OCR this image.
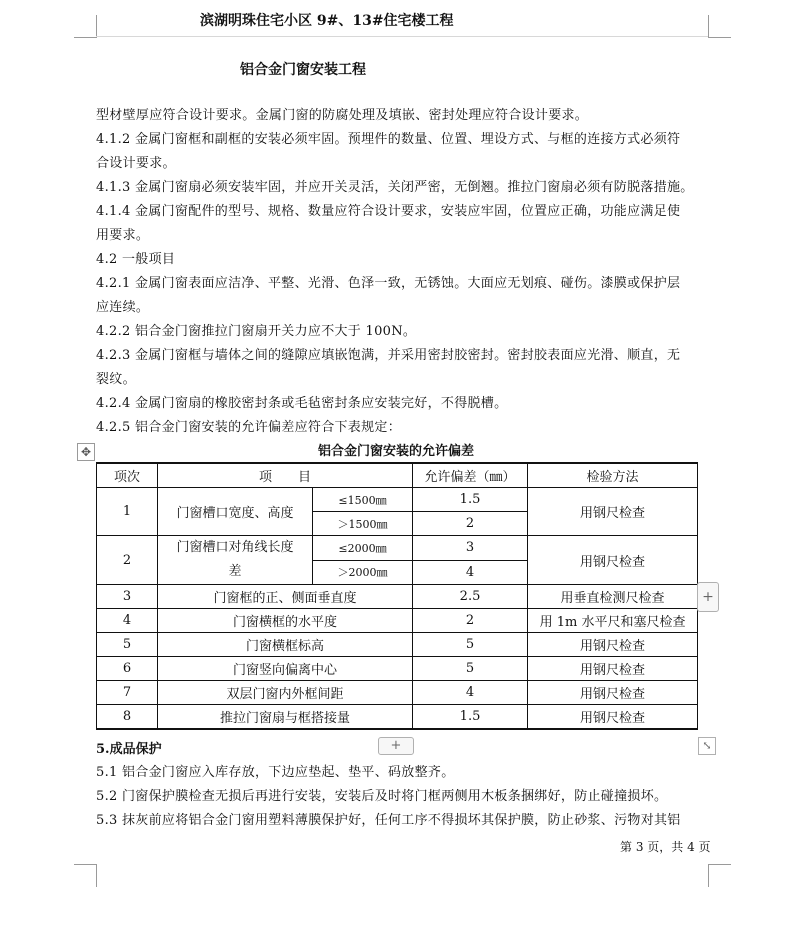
滨湖明珠住宅小区 9#、13#住宅楼工程
铝合金门窗安装工程
型材壁厚应符合设计要求。金属门窗的防腐处理及填嵌、密封处理应符合设计要求。
4.1.2 金属门窗框和副框的安装必须牢固。预埋件的数量、位置、埋设方式、与框的连接方式必须符
合设计要求。
4.1.3 金属门窗扇必须安装牢固，并应开关灵活，关闭严密，无倒翘。推拉门窗扇必须有防脱落措施。
4.1.4 金属门窗配件的型号、规格、数量应符合设计要求，安装应牢固，位置应正确，功能应满足使
用要求。
4.2 一般项目
4.2.1 金属门窗表面应洁净、平整、光滑、色泽一致，无锈蚀。大面应无划痕、碰伤。漆膜或保护层
应连续。
4.2.2 铝合金门窗推拉门窗扇开关力应不大于 100N。
4.2.3 金属门窗框与墙体之间的缝隙应填嵌饱满，并采用密封胶密封。密封胶表面应光滑、顺直，无
裂纹。
4.2.4 金属门窗扇的橡胶密封条或毛毡密封条应安装完好，不得脱槽。
4.2.5 铝合金门窗安装的允许偏差应符合下表规定：
✥	铝合金门窗安装的允许偏差
项次	项　　目		允许偏差（㎜）	检验方法
1	门窗槽口宽度、高度	≤1500㎜	1.5	用钢尺检查
		＞1500㎜	2	
2	门窗槽口对角线长度
差	≤2000㎜	3	用钢尺检查
		＞2000㎜	4	
3	门窗框的正、侧面垂直度		2.5	用垂直检测尺检查
4	门窗横框的水平度		2	用 1m 水平尺和塞尺检查
5	门窗横框标高		5	用钢尺检查
6	门窗竖向偏离中心		5	用钢尺检查
7	双层门窗内外框间距		4	用钢尺检查
8	推拉门窗扇与框搭接量		1.5	用钢尺检查
+
+	⤡
5.成品保护
5.1 铝合金门窗应入库存放，下边应垫起、垫平、码放整齐。
5.2 门窗保护膜检查无损后再进行安装，安装后及时将门框两侧用木板条捆绑好，防止碰撞损坏。
5.3 抹灰前应将铝合金门窗用塑料薄膜保护好，任何工序不得损坏其保护膜，防止砂浆、污物对其铝
第 3 页，共 4 页
